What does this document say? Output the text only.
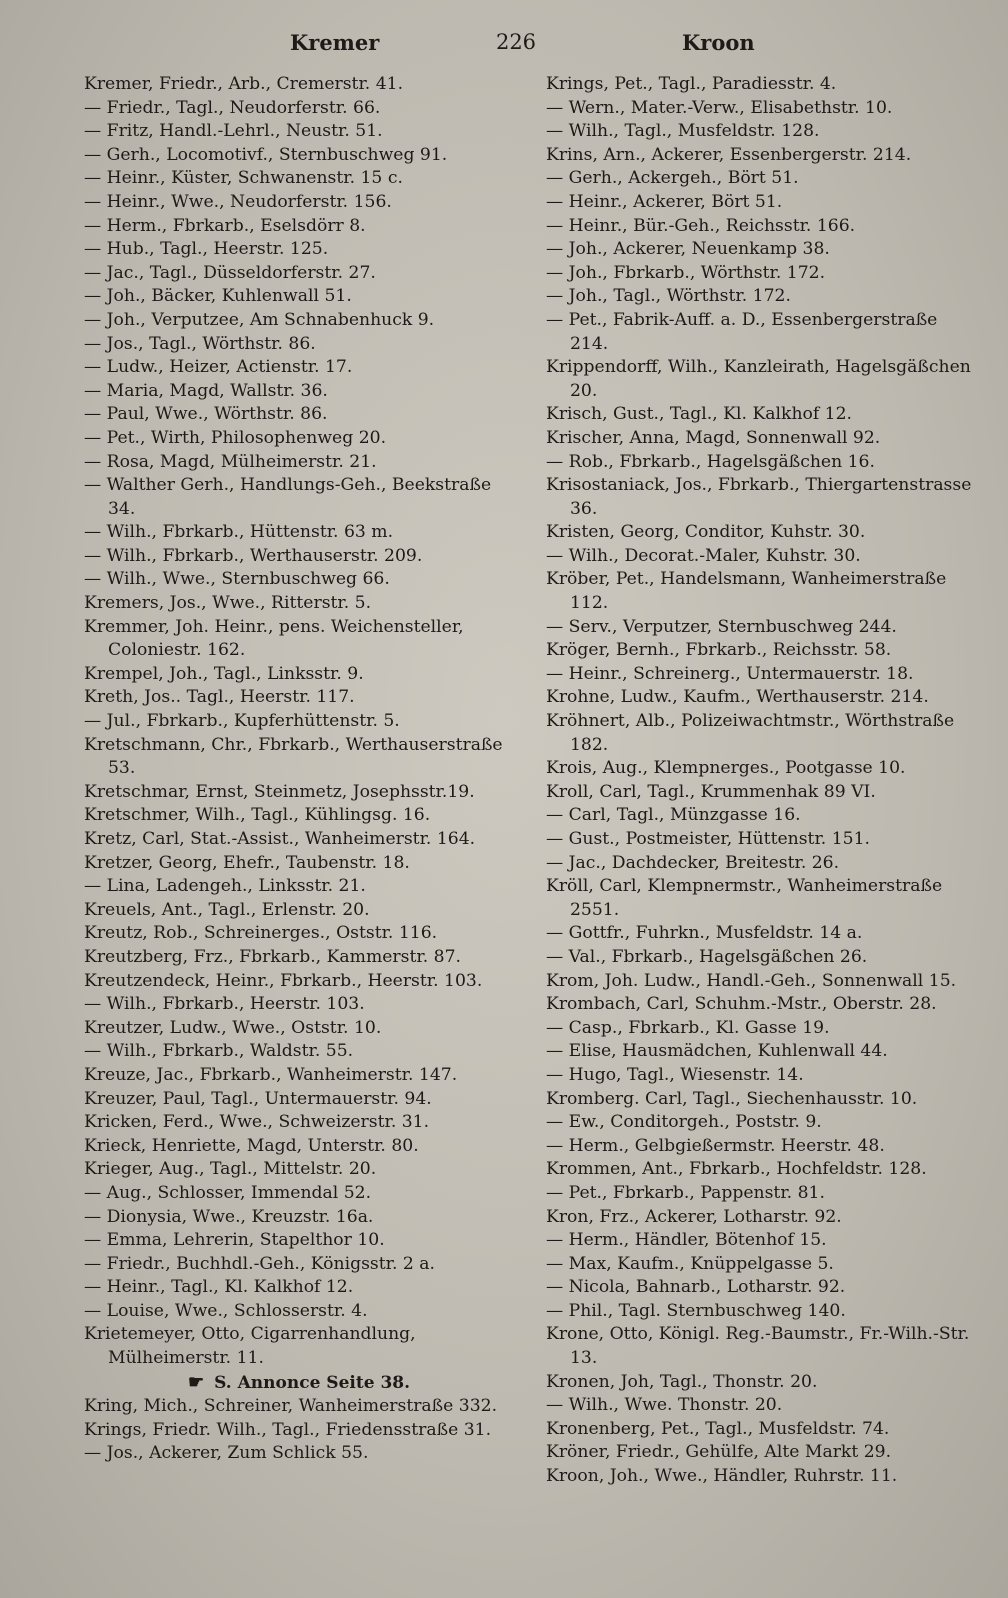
Kremer	226	Kroon

Kremer, Friedr., Arb., Cremerstr. 41.

— Friedr., Tagl., Neudorferstr. 66.

— Fritz, Handl.-Lehrl., Neustr. 51.

— Gerh., Locomotivf., Sternbuschweg 91.

— Heinr., Küster, Schwanenstr. 15 c.

— Heinr., Wwe., Neudorferstr. 156.

— Herm., Fbrkarb., Eselsdörr 8.

— Hub., Tagl., Heerstr. 125.

— Jac., Tagl., Düsseldorferstr. 27.

— Joh., Bäcker, Kuhlenwall 51.

— Joh., Verputzee, Am Schnabenhuck 9.

— Jos., Tagl., Wörthstr. 86.

— Ludw., Heizer, Actienstr. 17.

— Maria, Magd, Wallstr. 36.

— Paul, Wwe., Wörthstr. 86.

— Pet., Wirth, Philosophenweg 20.

— Rosa, Magd, Mülheimerstr. 21.

— Walther Gerh., Handlungs-Geh., Beekstraße 34.

— Wilh., Fbrkarb., Hüttenstr. 63 m.

— Wilh., Fbrkarb., Werthauserstr. 209.

— Wilh., Wwe., Sternbuschweg 66.

Kremers, Jos., Wwe., Ritterstr. 5.

Kremmer, Joh. Heinr., pens. Weichensteller, Coloniestr. 162.

Krempel, Joh., Tagl., Linksstr. 9.

Kreth, Jos.. Tagl., Heerstr. 117.

— Jul., Fbrkarb., Kupferhüttenstr. 5.

Kretschmann, Chr., Fbrkarb., Werthauserstraße 53.

Kretschmar, Ernst, Steinmetz, Josephsstr.19.

Kretschmer, Wilh., Tagl., Kühlingsg. 16.

Kretz, Carl, Stat.-Assist., Wanheimerstr. 164.

Kretzer, Georg, Ehefr., Taubenstr. 18.

— Lina, Ladengeh., Linksstr. 21.

Kreuels, Ant., Tagl., Erlenstr. 20.

Kreutz, Rob., Schreinerges., Oststr. 116.

Kreutzberg, Frz., Fbrkarb., Kammerstr. 87.

Kreutzendeck, Heinr., Fbrkarb., Heerstr. 103.

— Wilh., Fbrkarb., Heerstr. 103.

Kreutzer, Ludw., Wwe., Oststr. 10.

— Wilh., Fbrkarb., Waldstr. 55.

Kreuze, Jac., Fbrkarb., Wanheimerstr. 147.

Kreuzer, Paul, Tagl., Untermauerstr. 94.

Kricken, Ferd., Wwe., Schweizerstr. 31.

Krieck, Henriette, Magd, Unterstr. 80.

Krieger, Aug., Tagl., Mittelstr. 20.

— Aug., Schlosser, Immendal 52.

— Dionysia, Wwe., Kreuzstr. 16a.

— Emma, Lehrerin, Stapelthor 10.

— Friedr., Buchhdl.-Geh., Königsstr. 2 a.

— Heinr., Tagl., Kl. Kalkhof 12.

— Louise, Wwe., Schlosserstr. 4.

Krietemeyer, Otto, Cigarrenhandlung, Mülheimerstr. 11.

☛ S. Annonce Seite 38.

Kring, Mich., Schreiner, Wanheimerstraße 332.

Krings, Friedr. Wilh., Tagl., Friedensstraße 31.

— Jos., Ackerer, Zum Schlick 55.

Krings, Pet., Tagl., Paradiesstr. 4.

— Wern., Mater.-Verw., Elisabethstr. 10.

— Wilh., Tagl., Musfeldstr. 128.

Krins, Arn., Ackerer, Essenbergerstr. 214.

— Gerh., Ackergeh., Bört 51.

— Heinr., Ackerer, Bört 51.

— Heinr., Bür.-Geh., Reichsstr. 166.

— Joh., Ackerer, Neuenkamp 38.

— Joh., Fbrkarb., Wörthstr. 172.

— Joh., Tagl., Wörthstr. 172.

— Pet., Fabrik-Auff. a. D., Essenbergerstraße 214.

Krippendorff, Wilh., Kanzleirath, Hagelsgäßchen 20.

Krisch, Gust., Tagl., Kl. Kalkhof 12.

Krischer, Anna, Magd, Sonnenwall 92.

— Rob., Fbrkarb., Hagelsgäßchen 16.

Krisostaniack, Jos., Fbrkarb., Thiergartenstrasse 36.

Kristen, Georg, Conditor, Kuhstr. 30.

— Wilh., Decorat.-Maler, Kuhstr. 30.

Kröber, Pet., Handelsmann, Wanheimerstraße 112.

— Serv., Verputzer, Sternbuschweg 244.

Kröger, Bernh., Fbrkarb., Reichsstr. 58.

— Heinr., Schreinerg., Untermauerstr. 18.

Krohne, Ludw., Kaufm., Werthauserstr. 214.

Kröhnert, Alb., Polizeiwachtmstr., Wörthstraße 182.

Krois, Aug., Klempnerges., Pootgasse 10.

Kroll, Carl, Tagl., Krummenhak 89 VI.

— Carl, Tagl., Münzgasse 16.

— Gust., Postmeister, Hüttenstr. 151.

— Jac., Dachdecker, Breitestr. 26.

Kröll, Carl, Klempnermstr., Wanheimerstraße 2551.

— Gottfr., Fuhrkn., Musfeldstr. 14 a.

— Val., Fbrkarb., Hagelsgäßchen 26.

Krom, Joh. Ludw., Handl.-Geh., Sonnenwall 15.

Krombach, Carl, Schuhm.-Mstr., Oberstr. 28.

— Casp., Fbrkarb., Kl. Gasse 19.

— Elise, Hausmädchen, Kuhlenwall 44.

— Hugo, Tagl., Wiesenstr. 14.

Kromberg. Carl, Tagl., Siechenhausstr. 10.

— Ew., Conditorgeh., Poststr. 9.

— Herm., Gelbgießermstr. Heerstr. 48.

Krommen, Ant., Fbrkarb., Hochfeldstr. 128.

— Pet., Fbrkarb., Pappenstr. 81.

Kron, Frz., Ackerer, Lotharstr. 92.

— Herm., Händler, Bötenhof 15.

— Max, Kaufm., Knüppelgasse 5.

— Nicola, Bahnarb., Lotharstr. 92.

— Phil., Tagl. Sternbuschweg 140.

Krone, Otto, Königl. Reg.-Baumstr., Fr.-Wilh.-Str. 13.

Kronen, Joh, Tagl., Thonstr. 20.

— Wilh., Wwe. Thonstr. 20.

Kronenberg, Pet., Tagl., Musfeldstr. 74.

Kröner, Friedr., Gehülfe, Alte Markt 29.

Kroon, Joh., Wwe., Händler, Ruhrstr. 11.
